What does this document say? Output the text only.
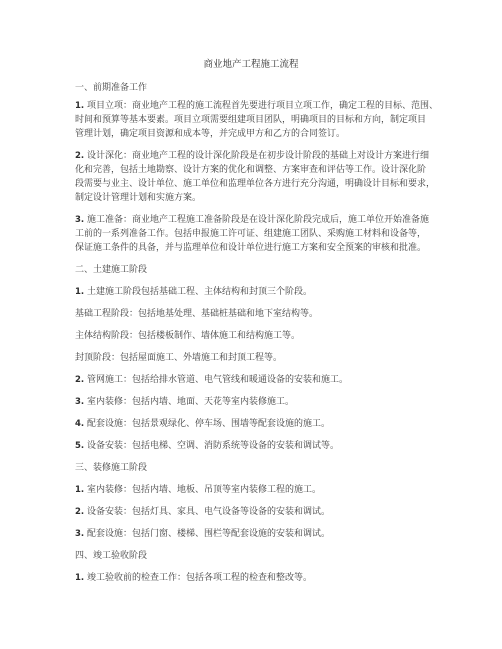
商业地产工程施工流程
一、前期准备工作
1. 项目立项：商业地产工程的施工流程首先要进行项目立项工作，确定工程的目标、范围、
时间和预算等基本要素。项目立项需要组建项目团队，明确项目的目标和方向，制定项目
管理计划，确定项目资源和成本等，并完成甲方和乙方的合同签订。
2. 设计深化：商业地产工程的设计深化阶段是在初步设计阶段的基础上对设计方案进行细
化和完善，包括土地勘察、设计方案的优化和调整、方案审查和评估等工作。设计深化阶
段需要与业主、设计单位、施工单位和监理单位各方进行充分沟通，明确设计目标和要求，
制定设计管理计划和实施方案。
3. 施工准备：商业地产工程施工准备阶段是在设计深化阶段完成后，施工单位开始准备施
工前的一系列准备工作。包括申报施工许可证、组建施工团队、采购施工材料和设备等，
保证施工条件的具备，并与监理单位和设计单位进行施工方案和安全预案的审核和批准。
二、土建施工阶段
1. 土建施工阶段包括基础工程、主体结构和封顶三个阶段。
基础工程阶段：包括地基处理、基础桩基础和地下室结构等。
主体结构阶段：包括楼板制作、墙体施工和结构施工等。
封顶阶段：包括屋面施工、外墙施工和封顶工程等。
2. 管网施工：包括给排水管道、电气管线和暖通设备的安装和施工。
3. 室内装修：包括内墙、地面、天花等室内装修施工。
4. 配套设施：包括景观绿化、停车场、围墙等配套设施的施工。
5. 设备安装：包括电梯、空调、消防系统等设备的安装和调试等。
三、装修施工阶段
1. 室内装修：包括内墙、地板、吊顶等室内装修工程的施工。
2. 设备安装：包括灯具、家具、电气设备等设备的安装和调试。
3. 配套设施：包括门窗、楼梯、围栏等配套设施的安装和调试。
四、竣工验收阶段
1. 竣工验收前的检查工作：包括各项工程的检查和整改等。
